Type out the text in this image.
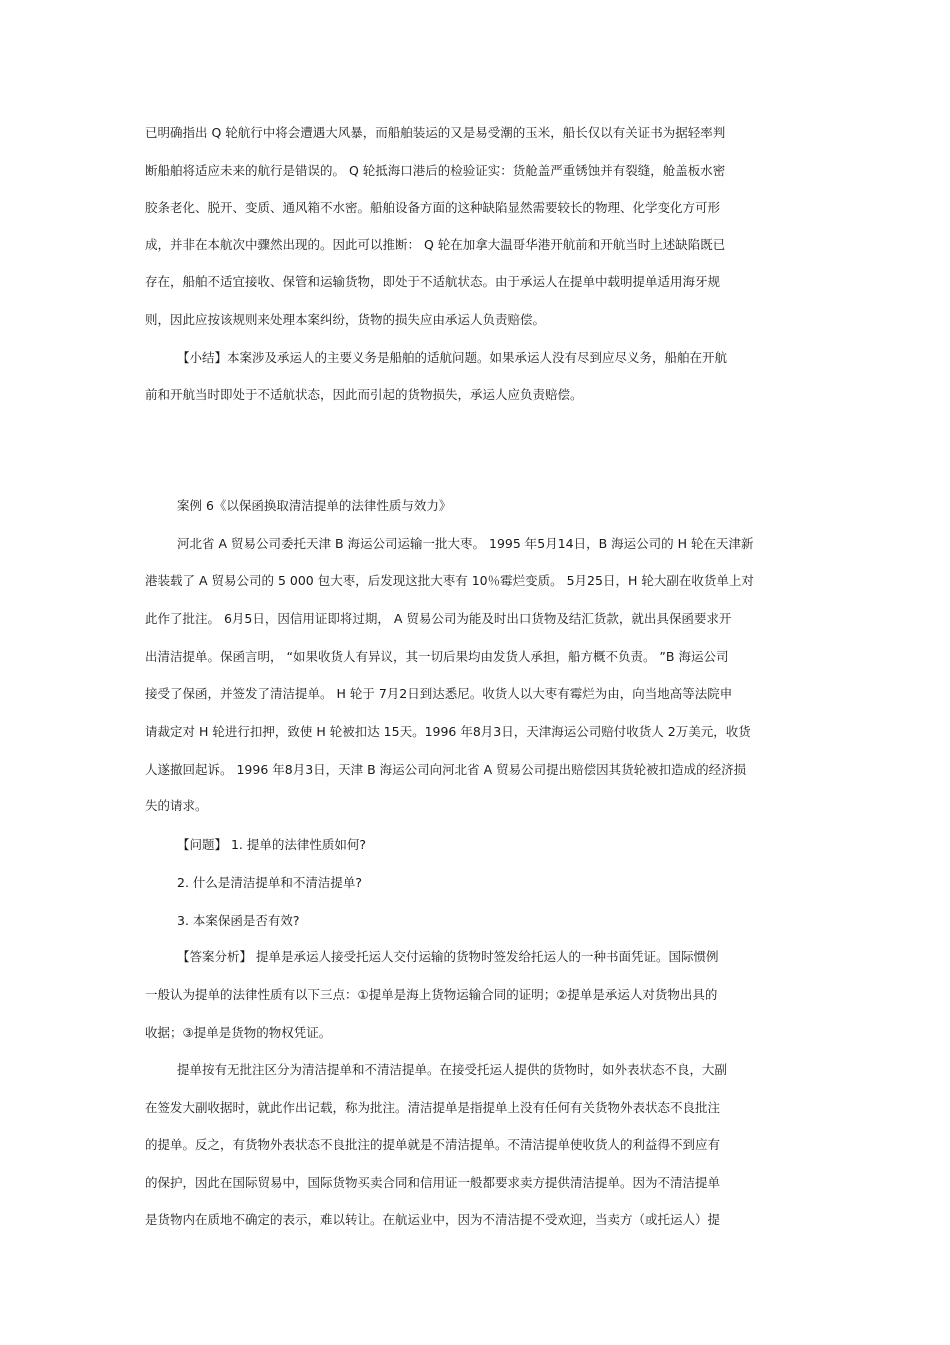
已明确指出 Q 轮航行中将会遭遇大风暴，而船舶装运的又是易受潮的玉米，船长仅以有关证书为据轻率判
断船舶将适应未来的航行是错误的。 Q 轮抵海口港后的检验证实：货舱盖严重锈蚀并有裂缝，舱盖板水密
胶条老化、脱开、变质、通风箱不水密。船舶设备方面的这种缺陷显然需要较长的物理、化学变化方可形
成，并非在本航次中骤然出现的。因此可以推断： Q 轮在加拿大温哥华港开航前和开航当时上述缺陷既已
存在，船舶不适宜接收、保管和运输货物，即处于不适航状态。由于承运人在提单中载明提单适用海牙规
则，因此应按该规则来处理本案纠纷，货物的损失应由承运人负责赔偿。
【小结】本案涉及承运人的主要义务是船舶的适航问题。如果承运人没有尽到应尽义务，船舶在开航
前和开航当时即处于不适航状态，因此而引起的货物损失，承运人应负责赔偿。
案例 6《以保函换取清洁提单的法律性质与效力》
河北省 A 贸易公司委托天津 B 海运公司运输一批大枣。 1995 年5月14日，B 海运公司的 H 轮在天津新
港装载了 A 贸易公司的 5 000 包大枣，后发现这批大枣有 10％霉烂变质。 5月25日，H 轮大副在收货单上对
此作了批注。 6月5日，因信用证即将过期， A 贸易公司为能及时出口货物及结汇货款，就出具保函要求开
出清洁提单。保函言明， “如果收货人有异议，其一切后果均由发货人承担，船方概不负责。 ”B 海运公司
接受了保函，并签发了清洁提单。 H 轮于 7月2日到达悉尼。收货人以大枣有霉烂为由，向当地高等法院申
请裁定对 H 轮进行扣押，致使 H 轮被扣达 15天。1996 年8月3日，天津海运公司赔付收货人 2万美元，收货
人遂撤回起诉。 1996 年8月3日，天津 B 海运公司向河北省 A 贸易公司提出赔偿因其货轮被扣造成的经济损
失的请求。
【问题】 1. 提单的法律性质如何?
2. 什么是清洁提单和不清洁提单?
3. 本案保函是否有效?
【答案分析】 提单是承运人接受托运人交付运输的货物时签发给托运人的一种书面凭证。国际惯例
一般认为提单的法律性质有以下三点：①提单是海上货物运输合同的证明；②提单是承运人对货物出具的
收据；③提单是货物的物权凭证。
提单按有无批注区分为清洁提单和不清洁提单。在接受托运人提供的货物时，如外表状态不良，大副
在签发大副收据时，就此作出记载，称为批注。清洁提单是指提单上没有任何有关货物外表状态不良批注
的提单。反之，有货物外表状态不良批注的提单就是不清洁提单。不清洁提单使收货人的利益得不到应有
的保护，因此在国际贸易中，国际货物买卖合同和信用证一般都要求卖方提供清洁提单。因为不清洁提单
是货物内在质地不确定的表示，难以转让。在航运业中，因为不清洁提不受欢迎，当卖方（或托运人）提
